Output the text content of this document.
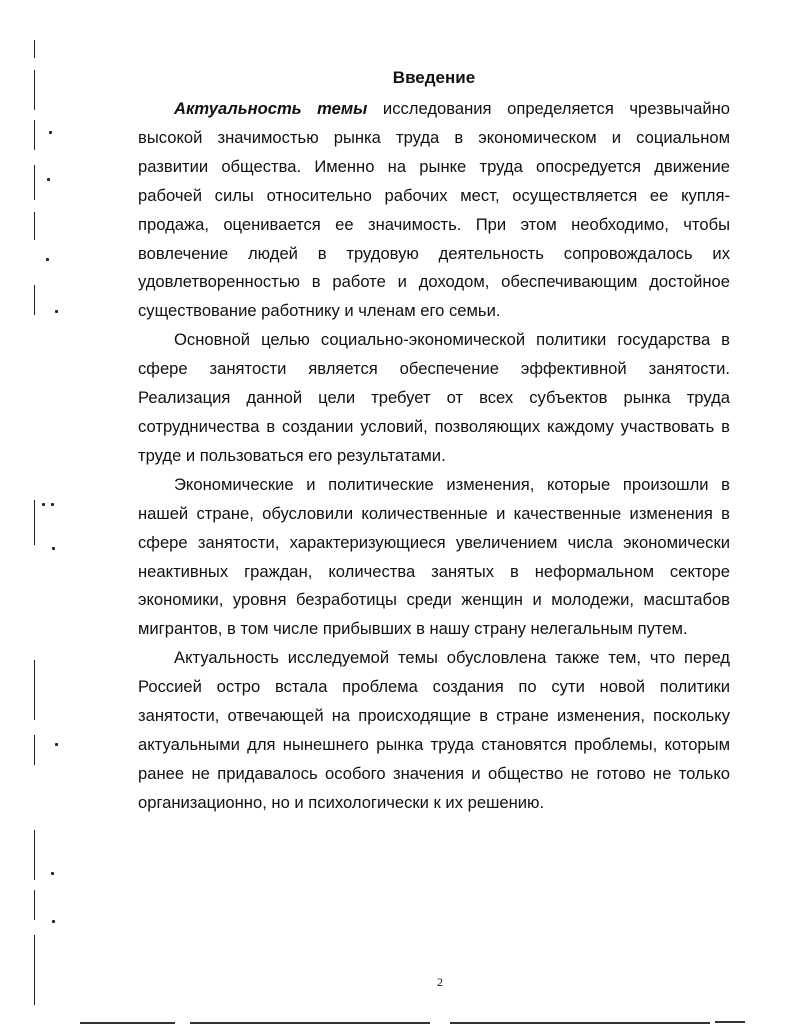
Введение

Актуальность темы исследования определяется чрезвычайно высокой значимостью рынка труда в экономическом и социальном развитии общества. Именно на рынке труда опосредуется движение рабочей силы относительно рабочих мест, осуществляется ее купля-продажа, оценивается ее значимость. При этом необходимо, чтобы вовлечение людей в трудовую деятельность сопровождалось их удовлетворенностью в работе и доходом, обеспечивающим достойное существование работнику и членам его семьи.

Основной целью социально-экономической политики государства в сфере занятости является обеспечение эффективной занятости. Реализация данной цели требует от всех субъектов рынка труда сотрудничества в создании условий, позволяющих каждому участвовать в труде и пользоваться его результатами.

Экономические и политические изменения, которые произошли в нашей стране, обусловили количественные и качественные изменения в сфере занятости, характеризующиеся увеличением числа экономически неактивных граждан, количества занятых в неформальном секторе экономики, уровня безработицы среди женщин и молодежи, масштабов мигрантов, в том числе прибывших в нашу страну нелегальным путем.

Актуальность исследуемой темы обусловлена также тем, что перед Россией остро встала проблема создания по сути новой политики занятости, отвечающей на происходящие в стране изменения, поскольку актуальными для нынешнего рынка труда становятся проблемы, которым ранее не придавалось особого значения и общество не готово не только организационно, но и психологически к их решению.

2
